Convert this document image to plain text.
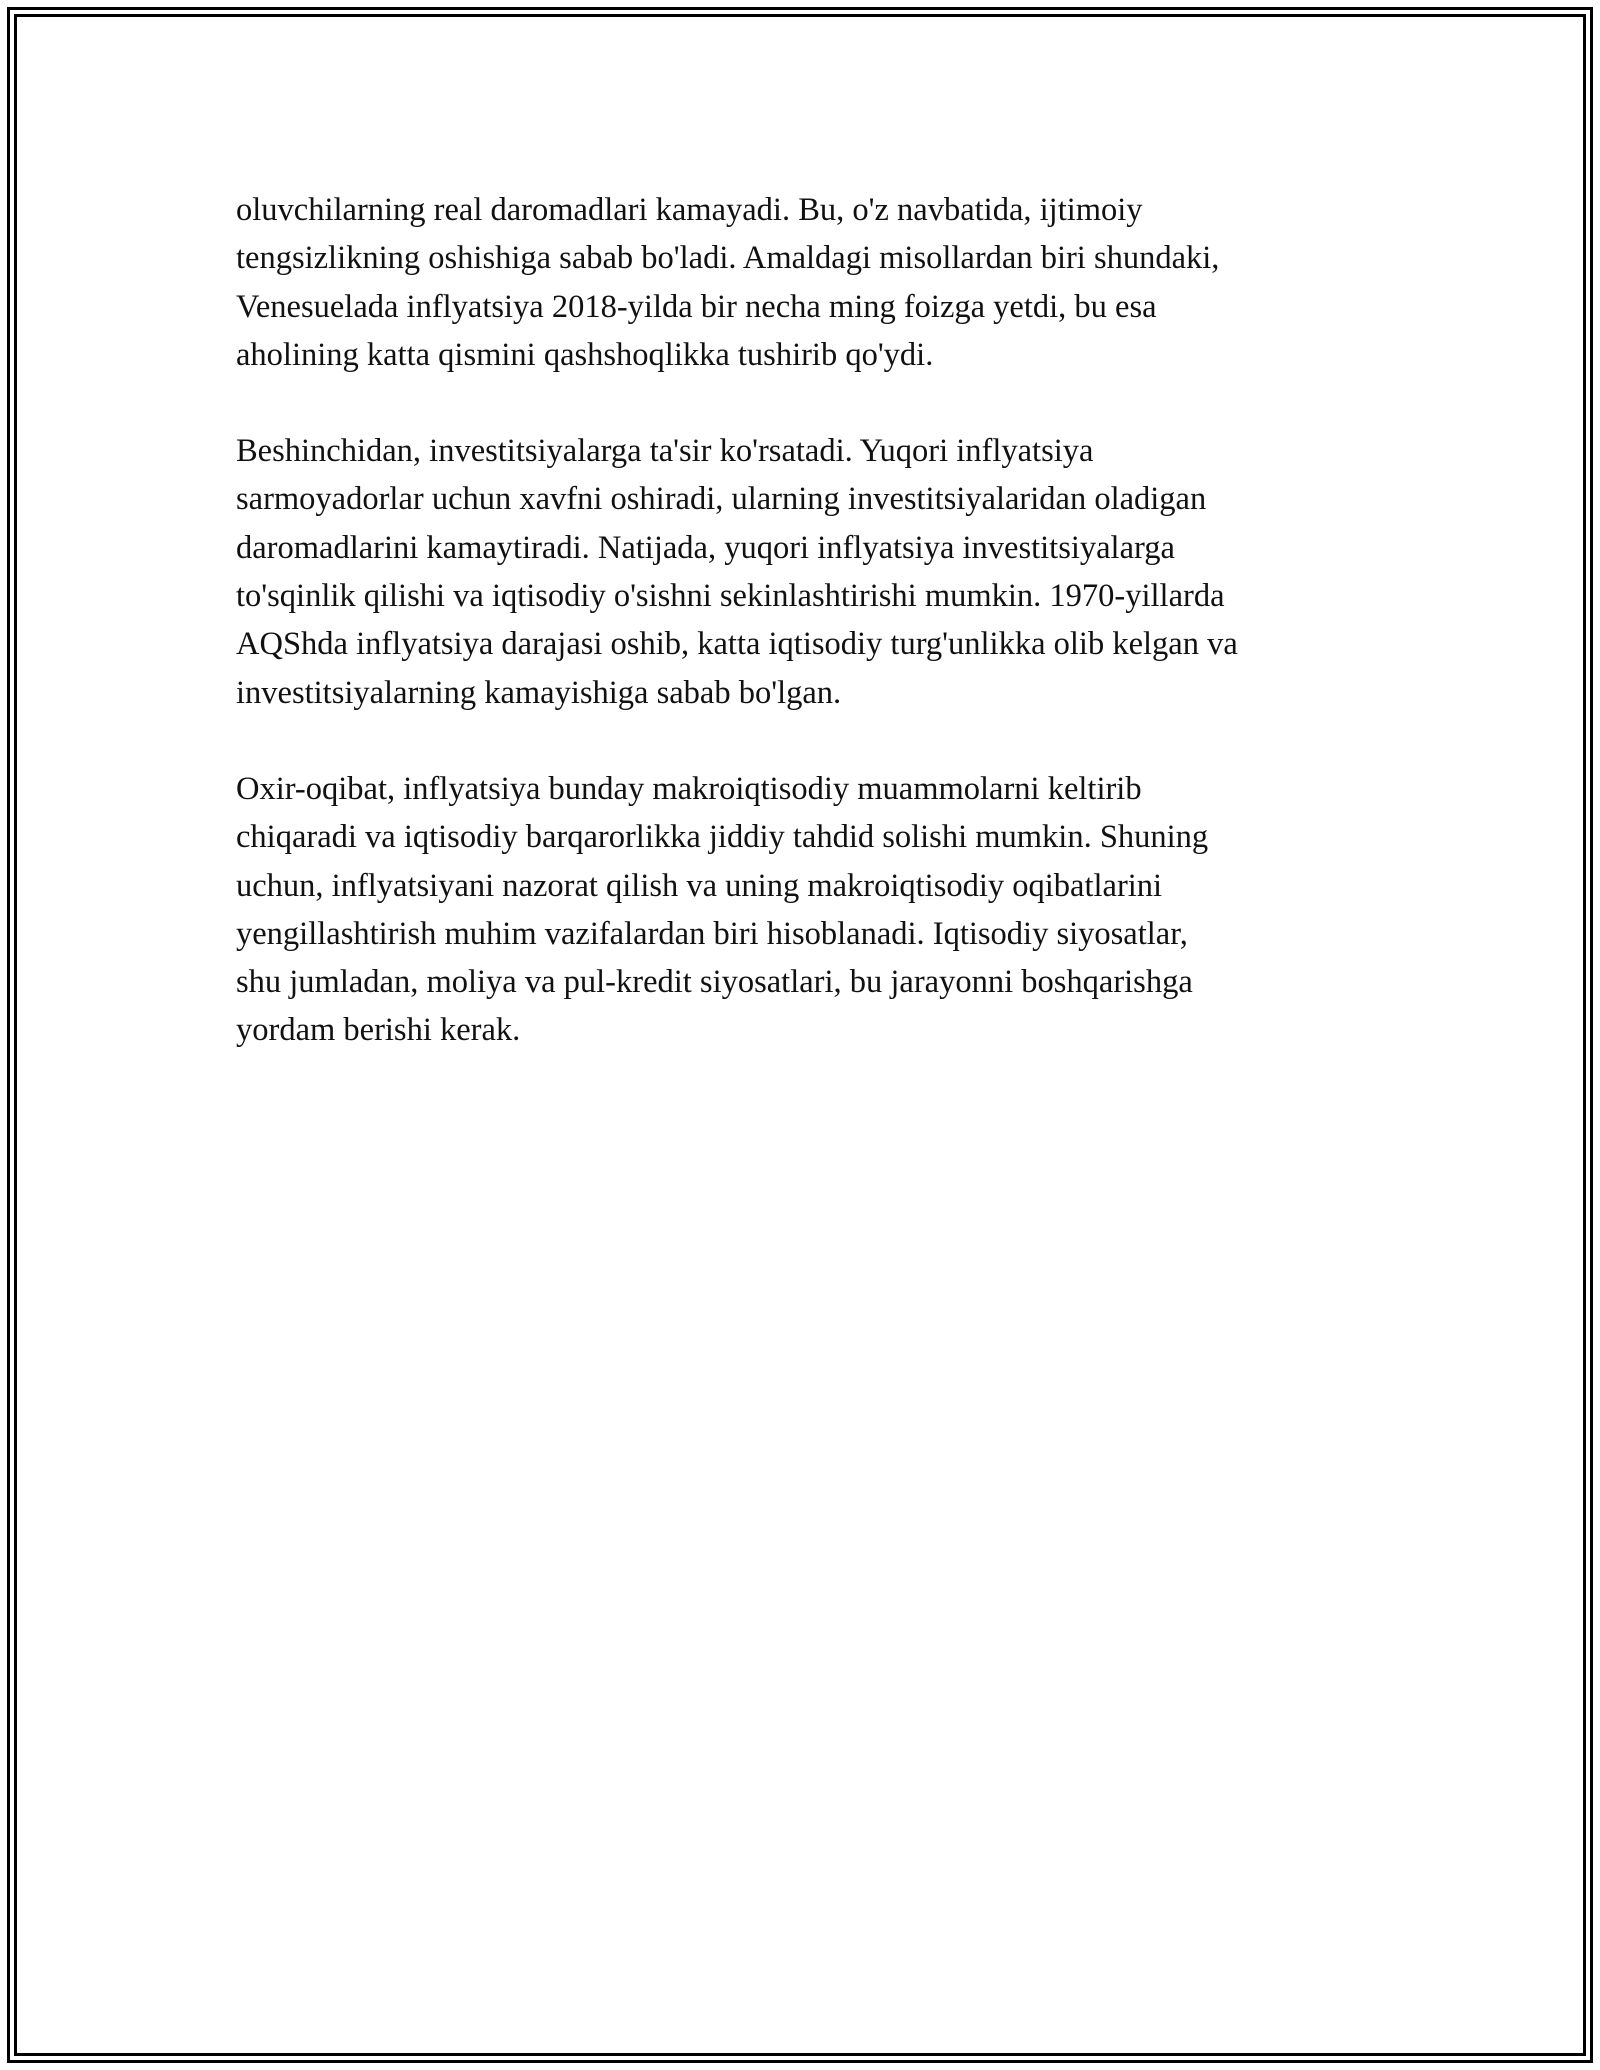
oluvchilarning real daromadlari kamayadi. Bu, o'z navbatida, ijtimoiy
tengsizlikning oshishiga sabab bo'ladi. Amaldagi misollardan biri shundaki,
Venesuelada inflyatsiya 2018-yilda bir necha ming foizga yetdi, bu esa
aholining katta qismini qashshoqlikka tushirib qo'ydi.

Beshinchidan, investitsiyalarga ta'sir ko'rsatadi. Yuqori inflyatsiya
sarmoyadorlar uchun xavfni oshiradi, ularning investitsiyalaridan oladigan
daromadlarini kamaytiradi. Natijada, yuqori inflyatsiya investitsiyalarga
to'sqinlik qilishi va iqtisodiy o'sishni sekinlashtirishi mumkin. 1970-yillarda
AQShda inflyatsiya darajasi oshib, katta iqtisodiy turg'unlikka olib kelgan va
investitsiyalarning kamayishiga sabab bo'lgan.

Oxir-oqibat, inflyatsiya bunday makroiqtisodiy muammolarni keltirib
chiqaradi va iqtisodiy barqarorlikka jiddiy tahdid solishi mumkin. Shuning
uchun, inflyatsiyani nazorat qilish va uning makroiqtisodiy oqibatlarini
yengillashtirish muhim vazifalardan biri hisoblanadi. Iqtisodiy siyosatlar,
shu jumladan, moliya va pul-kredit siyosatlari, bu jarayonni boshqarishga
yordam berishi kerak.
